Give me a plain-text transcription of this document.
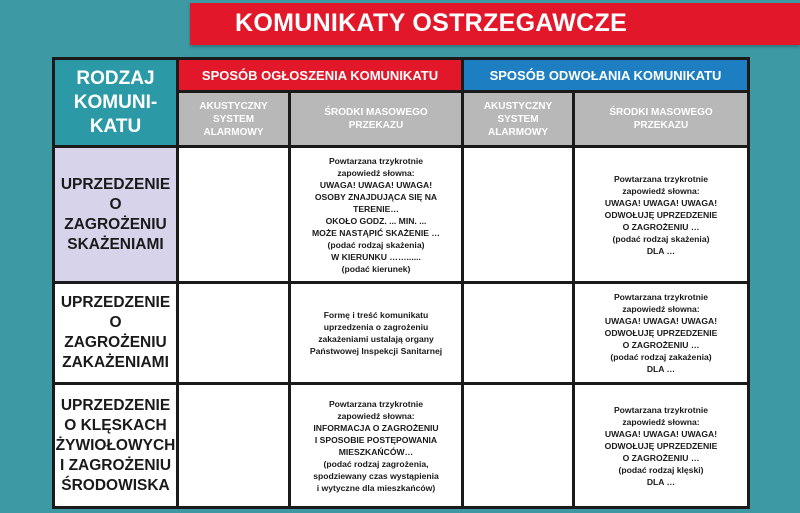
KOMUNIKATY OSTRZEGAWCZE
RODZAJ
KOMUNI-
KATU
SPOSÓB OGŁOSZENIA KOMUNIKATU	SPOSÓB ODWOŁANIA KOMUNIKATU
AKUSTYCZNY
SYSTEM
ALARMOWY
ŚRODKI MASOWEGO
PRZEKAZU
AKUSTYCZNY
SYSTEM
ALARMOWY
ŚRODKI MASOWEGO
PRZEKAZU
UPRZEDZENIE
O ZAGROŻENIU
SKAŻENIAMI
Powtarzana trzykrotnie
zapowiedź słowna:
UWAGA! UWAGA! UWAGA!
OSOBY ZNAJDUJĄCA SIĘ NA TERENIE…
OKOŁO GODZ. ... MIN. ...
MOŻE NASTĄPIĆ SKAŻENIE …
(podać rodzaj skażenia)
W KIERUNKU ……......
(podać kierunek)
Powtarzana trzykrotnie
zapowiedź słowna:
UWAGA! UWAGA! UWAGA!
ODWOŁUJĘ UPRZEDZENIE
O ZAGROŻENIU …
(podać rodzaj skażenia)
DLA …
UPRZEDZENIE
O ZAGROŻENIU
ZAKAŻENIAMI
Formę i treść komunikatu
uprzedzenia o zagrożeniu
zakażeniami ustalają organy
Państwowej Inspekcji Sanitarnej
Powtarzana trzykrotnie
zapowiedź słowna:
UWAGA! UWAGA! UWAGA!
ODWOŁUJĘ UPRZEDZENIE
O ZAGROŻENIU …
(podać rodzaj zakażenia)
DLA …
UPRZEDZENIE
O KLĘSKACH
ŻYWIOŁOWYCH
I ZAGROŻENIU
ŚRODOWISKA
Powtarzana trzykrotnie
zapowiedź słowna:
INFORMACJA O ZAGROŻENIU
I SPOSOBIE POSTĘPOWANIA
MIESZKAŃCÓW…
(podać rodzaj zagrożenia,
spodziewany czas wystąpienia
i wytyczne dla mieszkańców)
Powtarzana trzykrotnie
zapowiedź słowna:
UWAGA! UWAGA! UWAGA!
ODWOŁUJĘ UPRZEDZENIE
O ZAGROŻENIU …
(podać rodzaj klęski)
DLA …
